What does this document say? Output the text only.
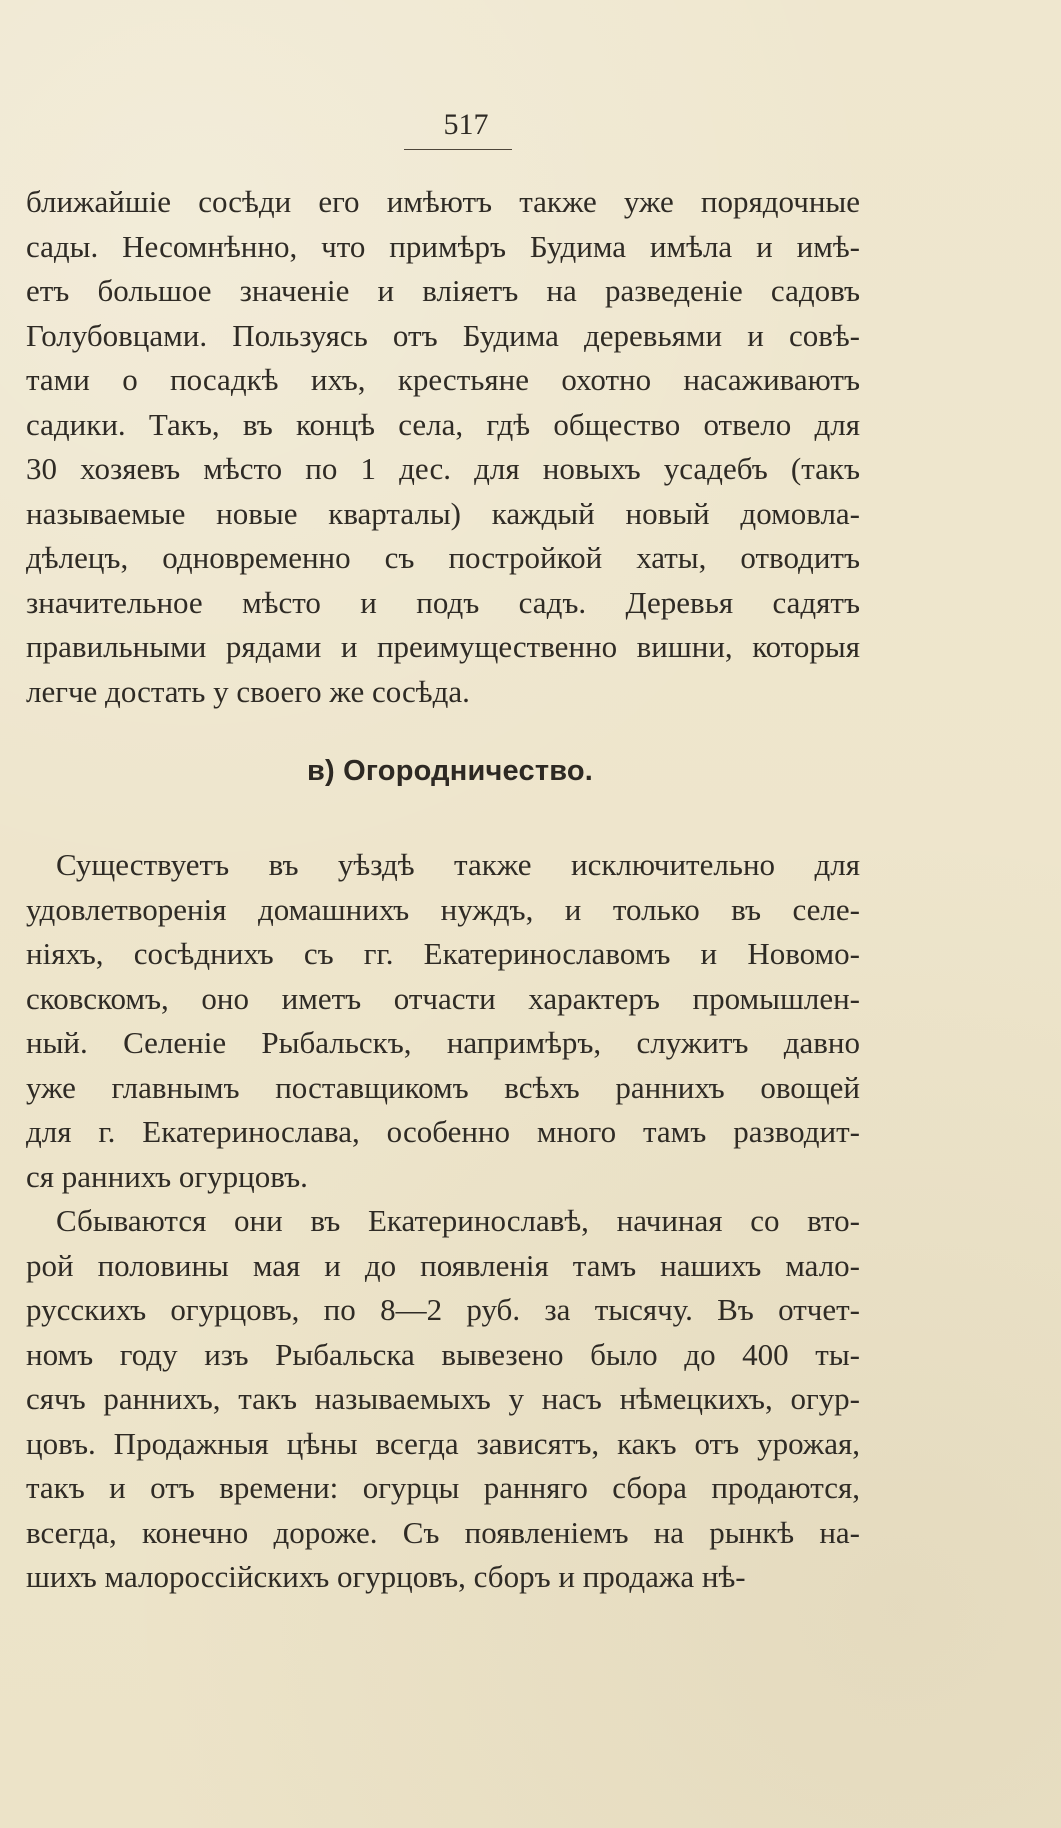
517
ближайшіе сосѣди его имѣютъ также уже порядочные
сады. Несомнѣнно, что примѣръ Будима имѣла и имѣ-
етъ большое значеніе и вліяетъ на разведеніе садовъ
Голубовцами. Пользуясь отъ Будима деревьями и совѣ-
тами о посадкѣ ихъ, крестьяне охотно насаживаютъ
садики. Такъ, въ концѣ села, гдѣ общество отвело для
30 хозяевъ мѣсто по 1 дес. для новыхъ усадебъ (такъ
называемые новые кварталы) каждый новый домовла-
дѣлецъ, одновременно съ постройкой хаты, отводитъ
значительное мѣсто и подъ садъ. Деревья садятъ
правильными рядами и преимущественно вишни, которыя
легче достать у своего же сосѣда.
в) Огородничество.
Существуетъ въ уѣздѣ также исключительно для
удовлетворенія домашнихъ нуждъ, и только въ селе-
ніяхъ, сосѣднихъ съ гг. Екатеринославомъ и Новомо-
сковскомъ, оно иметъ отчасти характеръ промышлен-
ный. Селеніе Рыбальскъ, напримѣръ, служитъ давно
уже главнымъ поставщикомъ всѣхъ раннихъ овощей
для г. Екатеринослава, особенно много тамъ разводит-
ся раннихъ огурцовъ.
Сбываются они въ Екатеринославѣ, начиная со вто-
рой половины мая и до появленія тамъ нашихъ мало-
русскихъ огурцовъ, по 8—2 руб. за тысячу. Въ отчет-
номъ году изъ Рыбальска вывезено было до 400 ты-
сячъ раннихъ, такъ называемыхъ у насъ нѣмецкихъ, огур-
цовъ. Продажныя цѣны всегда зависятъ, какъ отъ урожая,
такъ и отъ времени: огурцы ранняго сбора продаются,
всегда, конечно дороже. Съ появленіемъ на рынкѣ на-
шихъ малороссійскихъ огурцовъ, сборъ и продажа нѣ-
